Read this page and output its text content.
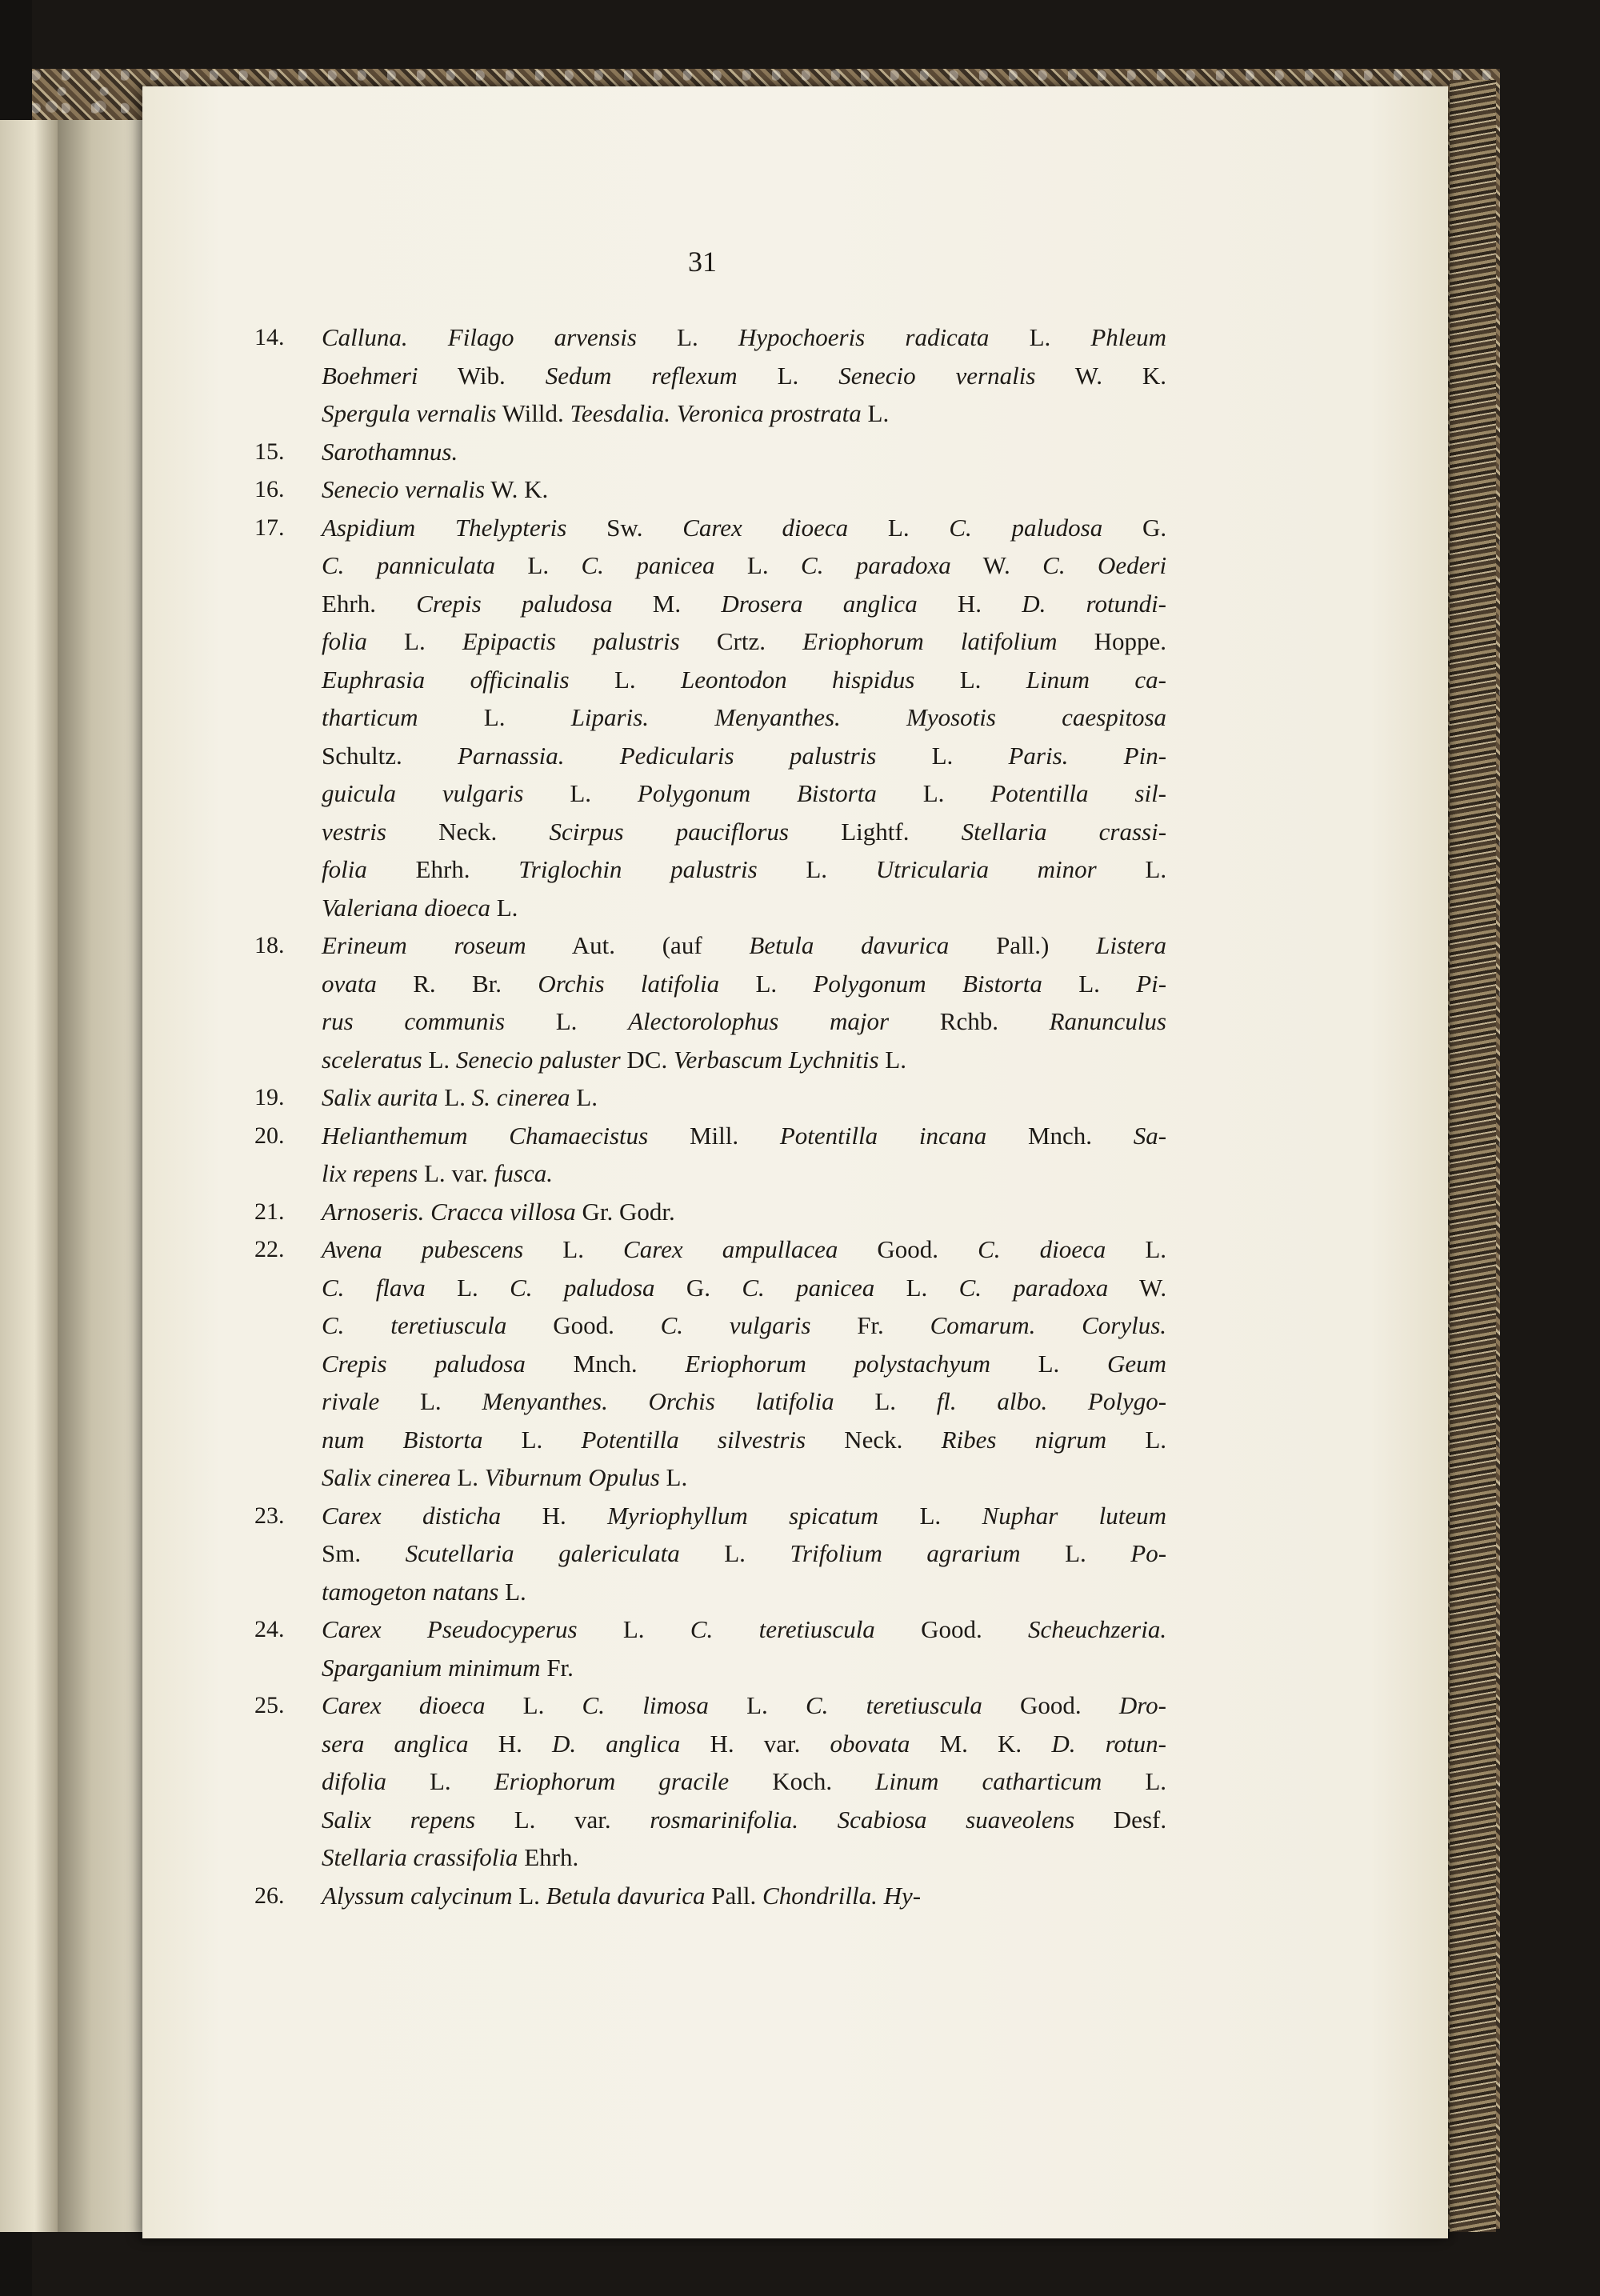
31
14.	Calluna. Filago arvensis L. Hypochoeris radicata L. Phleum
Boehmeri Wib. Sedum reflexum L. Senecio vernalis W. K.
Spergula vernalis Willd. Teesdalia. Veronica prostrata L.
15.	Sarothamnus.
16.	Senecio vernalis W. K.
17.	Aspidium Thelypteris Sw. Carex dioeca L. C. paludosa G.
C. panniculata L. C. panicea L. C. paradoxa W. C. Oederi
Ehrh. Crepis paludosa M. Drosera anglica H. D. rotundi-
folia L. Epipactis palustris Crtz. Eriophorum latifolium Hoppe.
Euphrasia officinalis L. Leontodon hispidus L. Linum ca-
tharticum	L.	Liparis.	Menyanthes.	Myosotis	caespitosa
Schultz. Parnassia. Pedicularis palustris L. Paris. Pin-
guicula vulgaris L. Polygonum Bistorta L. Potentilla sil-
vestris Neck. Scirpus pauciflorus Lightf. Stellaria crassi-
folia Ehrh. Triglochin palustris L. Utricularia minor L.
Valeriana dioeca L.
18.	Erineum roseum Aut. (auf Betula davurica Pall.) Listera
ovata R. Br. Orchis latifolia L. Polygonum Bistorta L. Pi-
rus communis L. Alectorolophus major Rchb. Ranunculus
sceleratus L. Senecio paluster DC. Verbascum Lychnitis L.
19.	Salix aurita L. S. cinerea L.
20.	Helianthemum Chamaecistus Mill. Potentilla incana Mnch. Sa-
lix repens L. var. fusca.
21.	Arnoseris. Cracca villosa Gr. Godr.
22.	Avena pubescens L. Carex ampullacea Good. C. dioeca L.
C. flava L. C. paludosa G. C. panicea L. C. paradoxa W.
C. teretiuscula Good. C. vulgaris Fr. Comarum. Corylus.
Crepis paludosa Mnch. Eriophorum polystachyum L. Geum
rivale L. Menyanthes. Orchis latifolia L. fl. albo. Polygo-
num Bistorta L. Potentilla silvestris Neck. Ribes nigrum L.
Salix cinerea L. Viburnum Opulus L.
23.	Carex disticha H. Myriophyllum spicatum L. Nuphar luteum
Sm. Scutellaria galericulata L. Trifolium agrarium L. Po-
tamogeton natans L.
24.	Carex Pseudocyperus L. C. teretiuscula Good. Scheuchzeria.
Sparganium minimum Fr.
25.	Carex dioeca L. C. limosa L. C. teretiuscula Good. Dro-
sera anglica H. D. anglica H. var. obovata M. K. D. rotun-
difolia L. Eriophorum gracile Koch. Linum catharticum L.
Salix repens L. var. rosmarinifolia. Scabiosa suaveolens Desf.
Stellaria crassifolia Ehrh.
26.	Alyssum calycinum L. Betula davurica Pall. Chondrilla. Hy-
